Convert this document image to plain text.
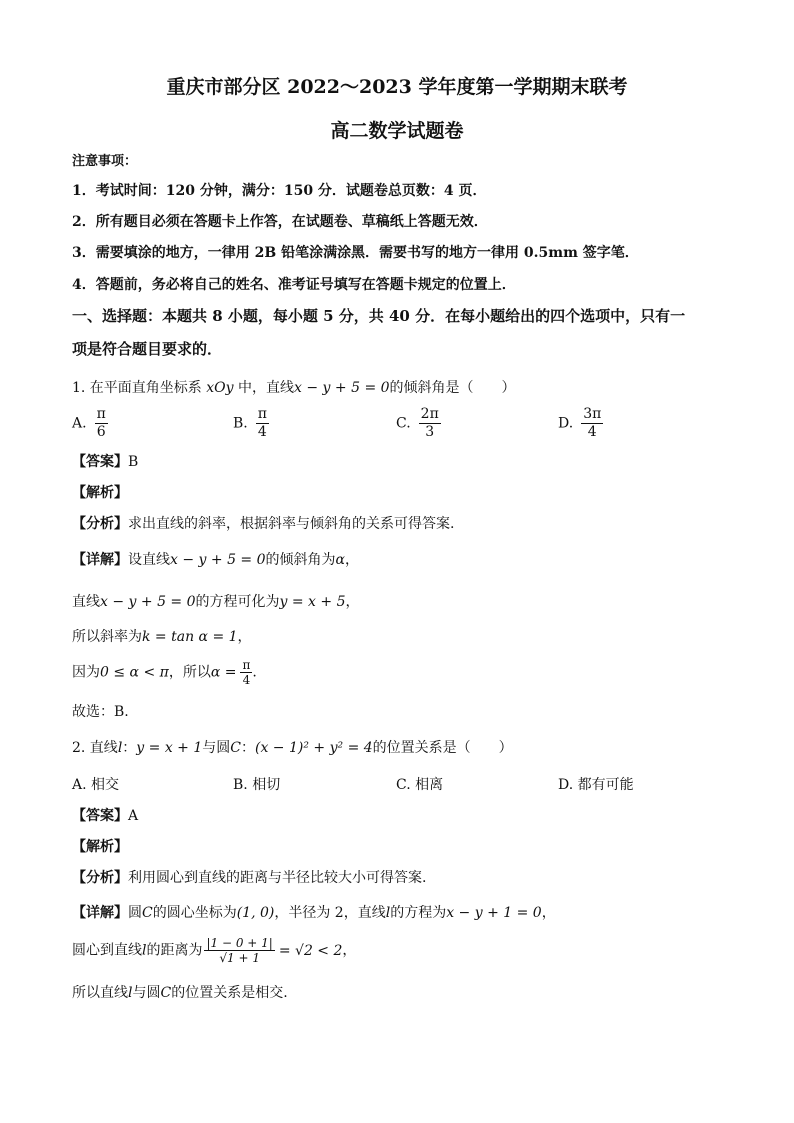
重庆市部分区 2022～2023 学年度第一学期期末联考
高二数学试题卷
注意事项：
1．考试时间：120 分钟，满分：150 分．试题卷总页数：4 页．
2．所有题目必须在答题卡上作答，在试题卷、草稿纸上答题无效．
3．需要填涂的地方，一律用 2B 铅笔涂满涂黑．需要书写的地方一律用 0.5mm 签字笔．
4．答题前，务必将自己的姓名、准考证号填写在答题卡规定的位置上．
一、选择题：本题共 8 小题，每小题 5 分，共 40 分．在每小题给出的四个选项中，只有一
项是符合题目要求的．
1. 在平面直角坐标系 xOy 中，直线x − y + 5 = 0的倾斜角是（　　）
A. $\frac{\pi}{6}$	B. $\frac{\pi}{4}$	C. $\frac{2\pi}{3}$	D. $\frac{3\pi}{4}$
【答案】B
【解析】
【分析】求出直线的斜率，根据斜率与倾斜角的关系可得答案.
【详解】设直线x − y + 5 = 0的倾斜角为α，
直线x − y + 5 = 0的方程可化为y = x + 5，
所以斜率为k = tan α = 1，
因为0 ≤ α < π，所以$\alpha = \frac{\pi}{4}$ .
故选：B.
2. 直线l：y = x + 1与圆C：(x − 1)² + y² = 4的位置关系是（　　）
A. 相交	B. 相切	C. 相离	D. 都有可能
【答案】A
【解析】
【分析】利用圆心到直线的距离与半径比较大小可得答案.
【详解】圆C的圆心坐标为(1, 0)，半径为 2，直线l的方程为x − y + 1 = 0，
圆心到直线l的距离为 $\frac{|1 - 0 + 1|}{√1 + 1} = √2 < 2$，
所以直线l与圆C的位置关系是相交.
